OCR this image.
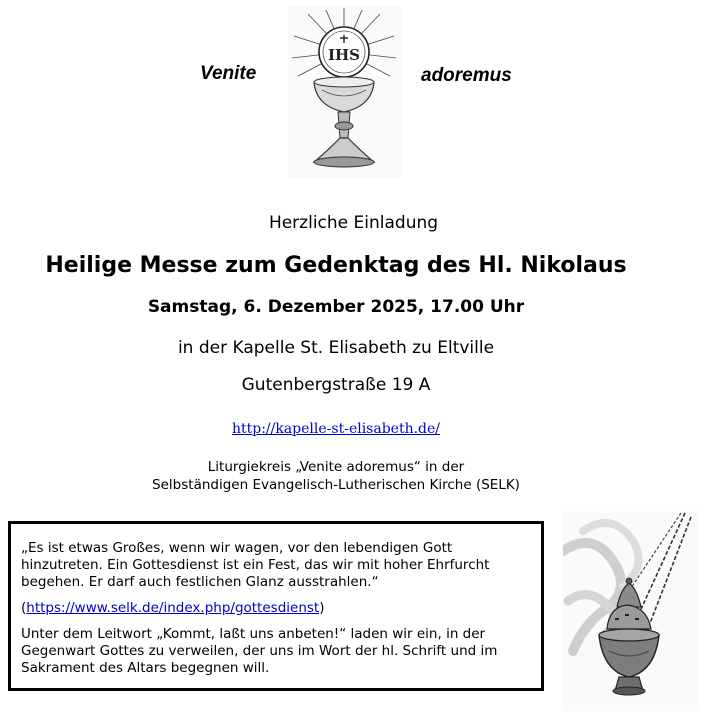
Venite	adoremus
IHS
Herzliche Einladung
Heilige Messe zum Gedenktag des Hl. Nikolaus
Samstag, 6. Dezember 2025, 17.00 Uhr
in der Kapelle St. Elisabeth zu Eltville
Gutenbergstraße 19 A
http://kapelle-st-elisabeth.de/
Liturgiekreis „Venite adoremus“ in der
Selbständigen Evangelisch-Lutherischen Kirche (SELK)

„Es ist etwas Großes, wenn wir wagen, vor den lebendigen Gott hinzutreten. Ein Gottesdienst ist ein Fest, das wir mit hoher Ehrfurcht begehen. Er darf auch festlichen Glanz ausstrahlen.“

(https://www.selk.de/index.php/gottesdienst)

Unter dem Leitwort „Kommt, laßt uns anbeten!“ laden wir ein, in der Gegenwart Gottes zu verweilen, der uns im Wort der hl. Schrift und im Sakrament des Altars begegnen will.
